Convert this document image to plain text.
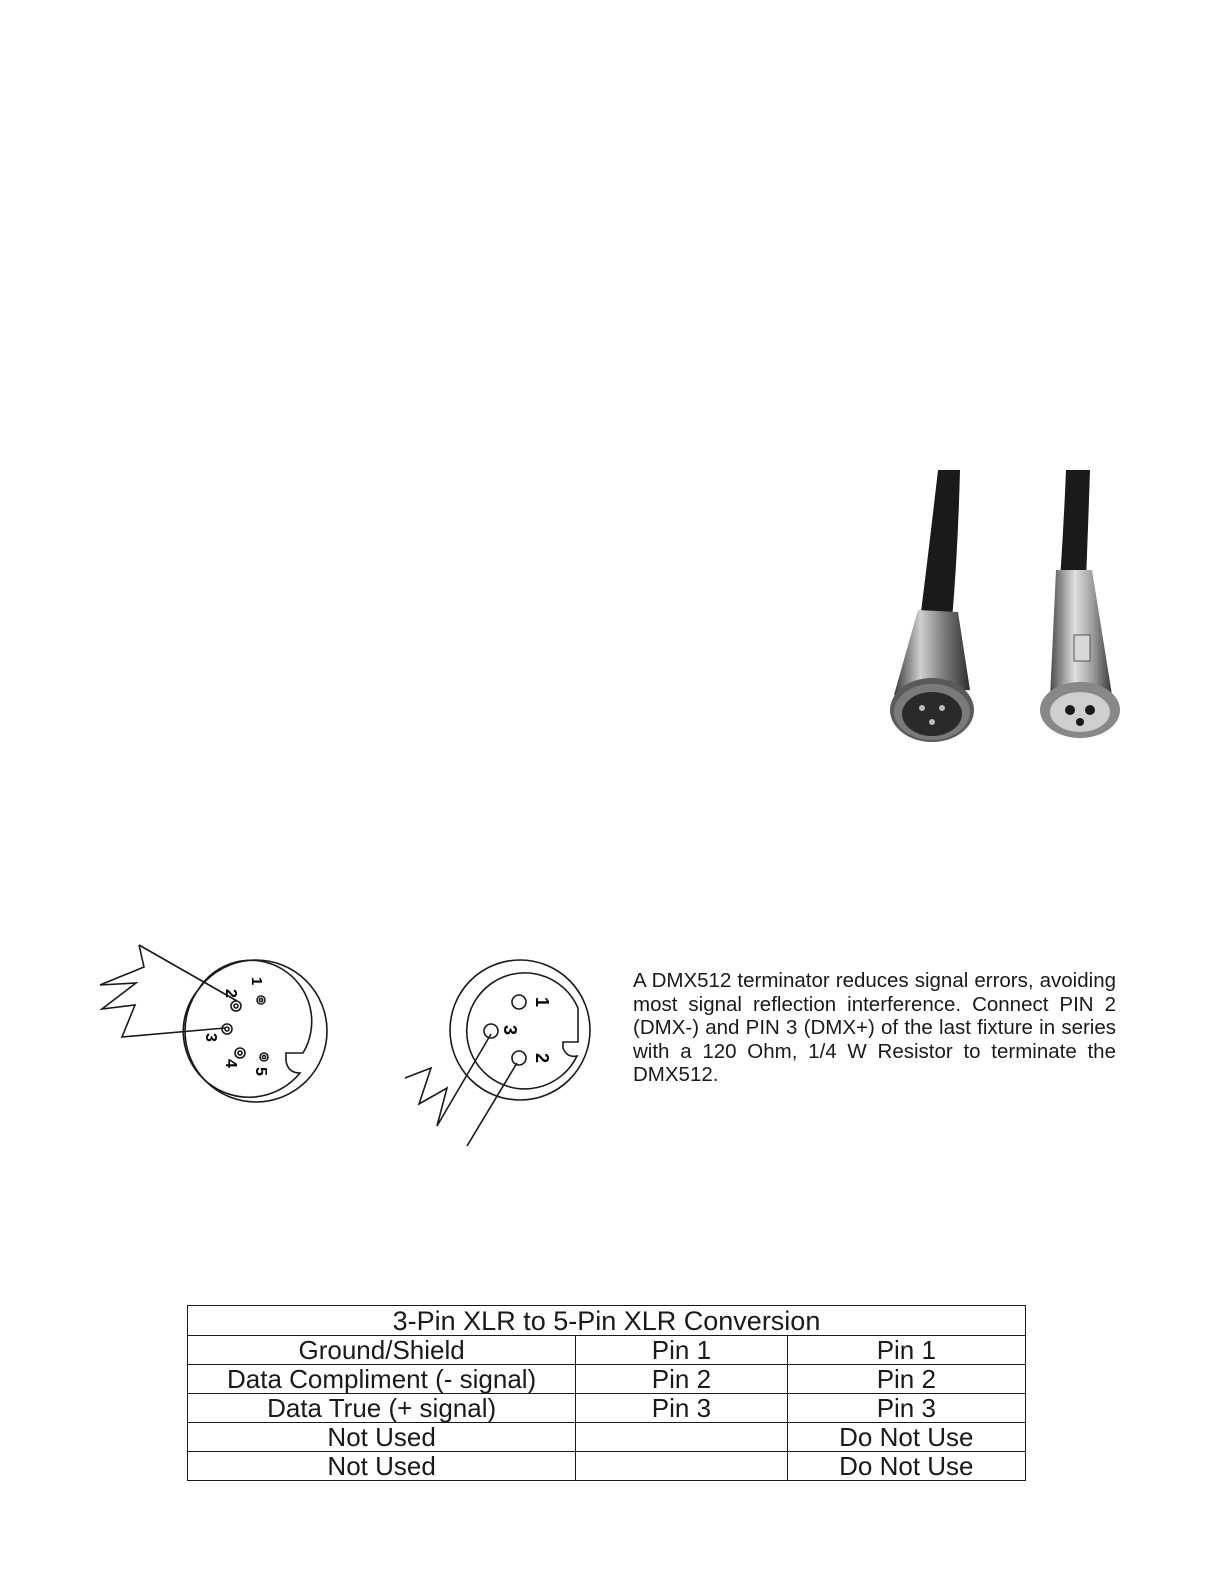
1
2
3
4
5
1
3
2

A DMX512 terminator reduces signal errors, avoiding most signal reflection interference. Connect PIN 2 (DMX-) and PIN 3 (DMX+) of the last fixture in series with a 120 Ohm, 1/4 W Resistor to terminate the DMX512.

3-Pin XLR to 5-Pin XLR Conversion		
Ground/Shield	Pin 1	Pin 1
Data Compliment (- signal)	Pin 2	Pin 2
Data True (+ signal)	Pin 3	Pin 3
Not Used		Do Not Use
Not Used		Do Not Use
